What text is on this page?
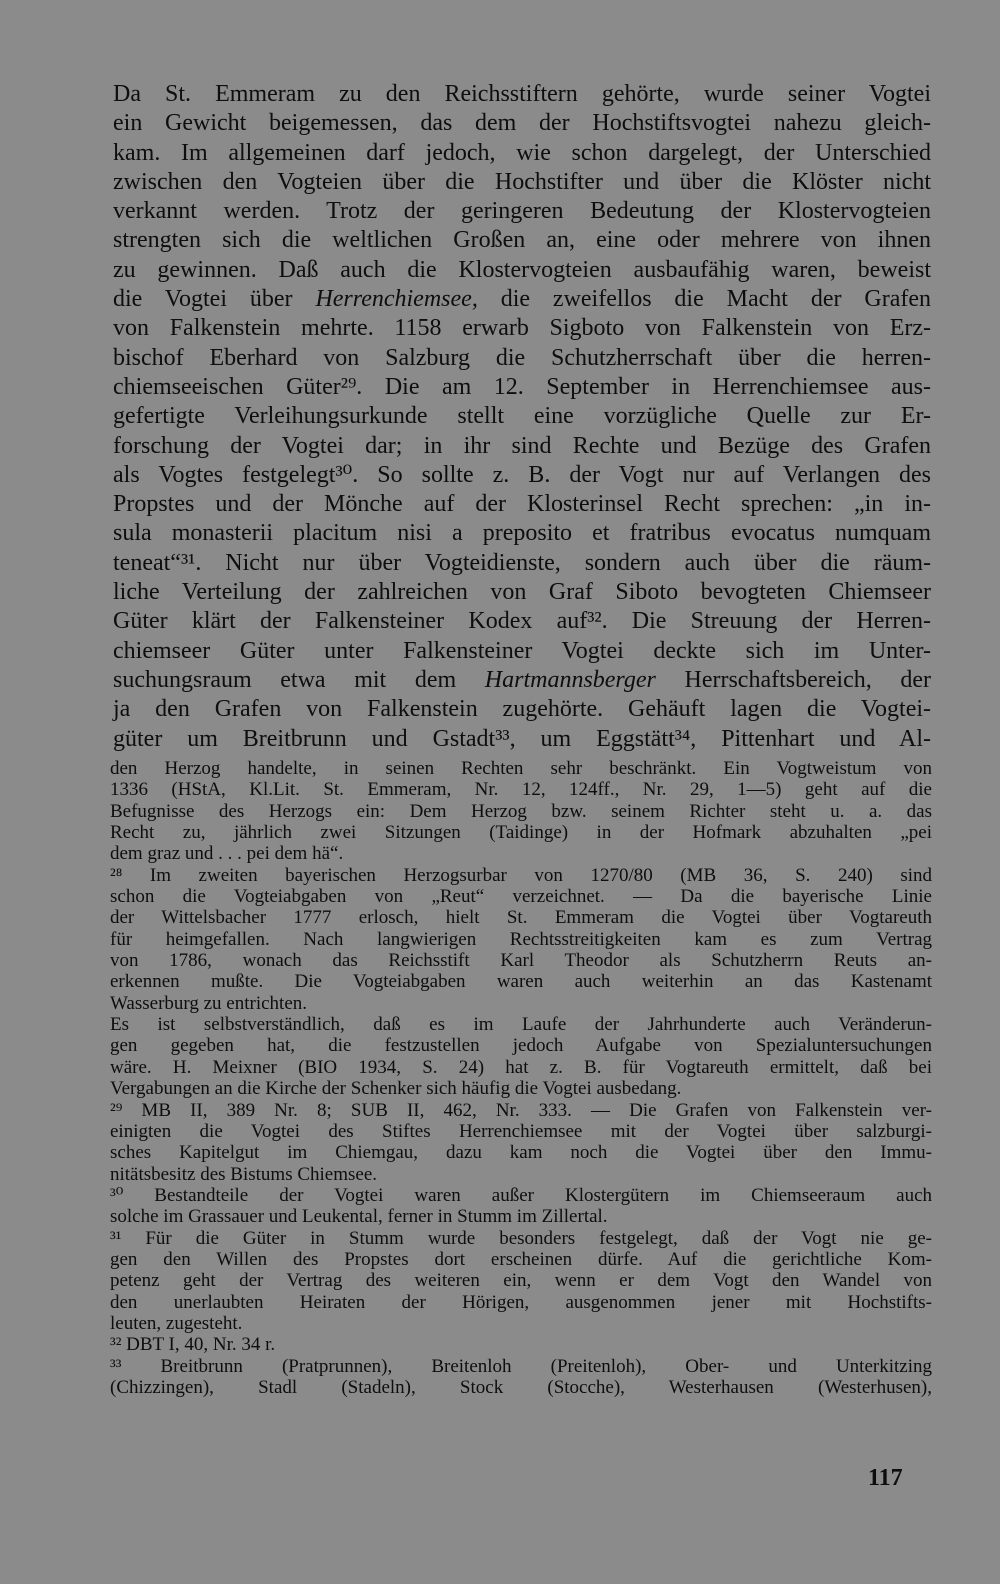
Da St. Emmeram zu den Reichsstiftern gehörte, wurde seiner Vogtei
ein Gewicht beigemessen, das dem der Hochstiftsvogtei nahezu gleich-
kam. Im allgemeinen darf jedoch, wie schon dargelegt, der Unterschied
zwischen den Vogteien über die Hochstifter und über die Klöster nicht
verkannt werden. Trotz der geringeren Bedeutung der Klostervogteien
strengten sich die weltlichen Großen an, eine oder mehrere von ihnen
zu gewinnen. Daß auch die Klostervogteien ausbaufähig waren, beweist
die Vogtei über Herrenchiemsee, die zweifellos die Macht der Grafen
von Falkenstein mehrte. 1158 erwarb Sigboto von Falkenstein von Erz-
bischof Eberhard von Salzburg die Schutzherrschaft über die herren-
chiemseeischen Güter²⁹. Die am 12. September in Herrenchiemsee aus-
gefertigte Verleihungsurkunde stellt eine vorzügliche Quelle zur Er-
forschung der Vogtei dar; in ihr sind Rechte und Bezüge des Grafen
als Vogtes festgelegt³⁰. So sollte z. B. der Vogt nur auf Verlangen des
Propstes und der Mönche auf der Klosterinsel Recht sprechen: „in in-
sula monasterii placitum nisi a preposito et fratribus evocatus numquam
teneat“³¹. Nicht nur über Vogteidienste, sondern auch über die räum-
liche Verteilung der zahlreichen von Graf Siboto bevogteten Chiemseer
Güter klärt der Falkensteiner Kodex auf³². Die Streuung der Herren-
chiemseer Güter unter Falkensteiner Vogtei deckte sich im Unter-
suchungsraum etwa mit dem Hartmannsberger Herrschaftsbereich, der
ja den Grafen von Falkenstein zugehörte. Gehäuft lagen die Vogtei-
güter um Breitbrunn und Gstadt³³, um Eggstätt³⁴, Pittenhart und Al-
den Herzog handelte, in seinen Rechten sehr beschränkt. Ein Vogtweistum von
1336 (HStA, Kl.Lit. St. Emmeram, Nr. 12, 124ff., Nr. 29, 1—5) geht auf die
Befugnisse des Herzogs ein: Dem Herzog bzw. seinem Richter steht u. a. das
Recht zu, jährlich zwei Sitzungen (Taidinge) in der Hofmark abzuhalten „pei
dem graz und . . . pei dem hä“.
²⁸ Im zweiten bayerischen Herzogsurbar von 1270/80 (MB 36, S. 240) sind
schon die Vogteiabgaben von „Reut“ verzeichnet. — Da die bayerische Linie
der Wittelsbacher 1777 erlosch, hielt St. Emmeram die Vogtei über Vogtareuth
für heimgefallen. Nach langwierigen Rechtsstreitigkeiten kam es zum Vertrag
von 1786, wonach das Reichsstift Karl Theodor als Schutzherrn Reuts an-
erkennen mußte. Die Vogteiabgaben waren auch weiterhin an das Kastenamt
Wasserburg zu entrichten.
Es ist selbstverständlich, daß es im Laufe der Jahrhunderte auch Veränderun-
gen gegeben hat, die festzustellen jedoch Aufgabe von Spezialuntersuchungen
wäre. H. Meixner (BIO 1934, S. 24) hat z. B. für Vogtareuth ermittelt, daß bei
Vergabungen an die Kirche der Schenker sich häufig die Vogtei ausbedang.
²⁹ MB II, 389 Nr. 8; SUB II, 462, Nr. 333. — Die Grafen von Falkenstein ver-
einigten die Vogtei des Stiftes Herrenchiemsee mit der Vogtei über salzburgi-
sches Kapitelgut im Chiemgau, dazu kam noch die Vogtei über den Immu-
nitätsbesitz des Bistums Chiemsee.
³⁰ Bestandteile der Vogtei waren außer Klostergütern im Chiemseeraum auch
solche im Grassauer und Leukental, ferner in Stumm im Zillertal.
³¹ Für die Güter in Stumm wurde besonders festgelegt, daß der Vogt nie ge-
gen den Willen des Propstes dort erscheinen dürfe. Auf die gerichtliche Kom-
petenz geht der Vertrag des weiteren ein, wenn er dem Vogt den Wandel von
den unerlaubten Heiraten der Hörigen, ausgenommen jener mit Hochstifts-
leuten, zugesteht.
³² DBT I, 40, Nr. 34 r.
³³ Breitbrunn (Pratprunnen), Breitenloh (Preitenloh), Ober- und Unterkitzing
(Chizzingen), Stadl (Stadeln), Stock (Stocche), Westerhausen (Westerhusen),
117
